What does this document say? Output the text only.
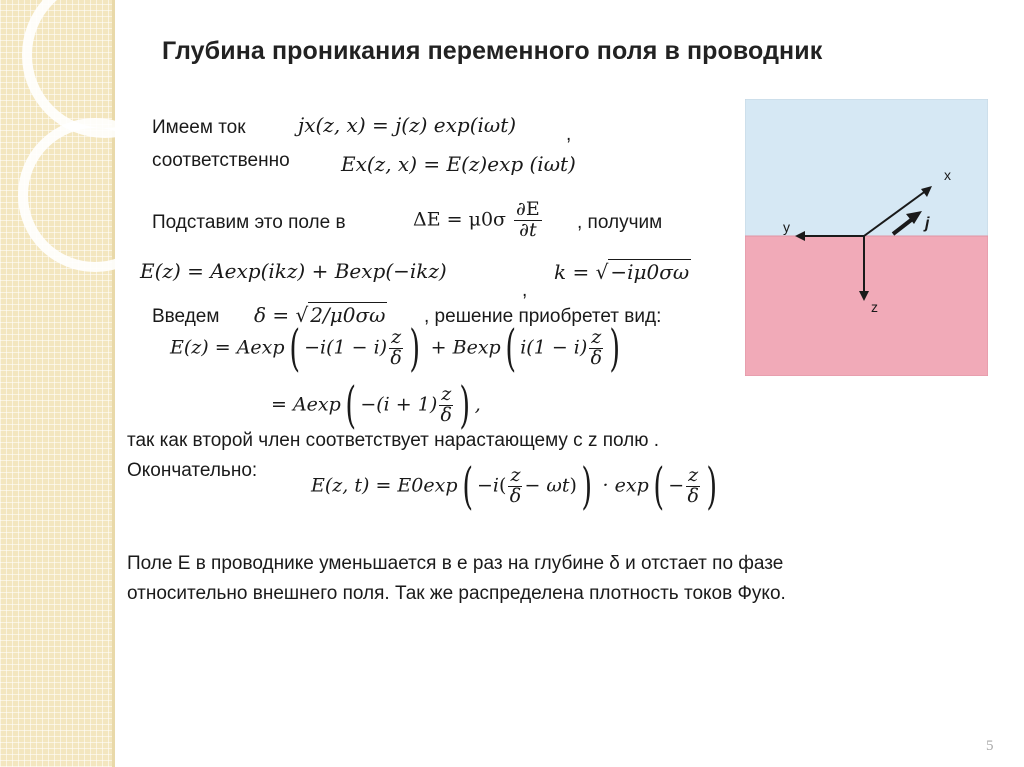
Глубина проникания переменного поля в проводник
Имеем ток	jx(z, x) = j(z) exp(iωt)	,
соответственно	Ex(z, x) = E(z)exp (iωt)
Подставим это поле в	$\Delta E = \mu 0\sigma \frac{\partial E}{\partial t}$ , получим
E(z) = Aexp(ikz) + Bexp(−ikz)
,
k = √ −iμ0σω
Введем δ = √ 2/μ0σω , решение приобретет вид:
$E(z) = Aexp( -i(1 - i) \frac{z}{\delta}$ ) + Bexp( $i(1 - i) \frac{z}{\delta}$ )
= $Aexp( -(i + 1) \frac{z}{\delta}$ ) ,
так как второй член соответствует нарастающему с z полю .
Окончательно:
E(z, $t) = E0\exp( -i( \frac{z}{\delta} - \omega t)) \cdot \exp( - \frac{z}{\delta}$ )
Поле E в проводнике уменьшается в е раз на глубине δ и отстает по фазе
относительно внешнего поля. Так же распределена плотность токов Фуко.
x
y
z
j
5
